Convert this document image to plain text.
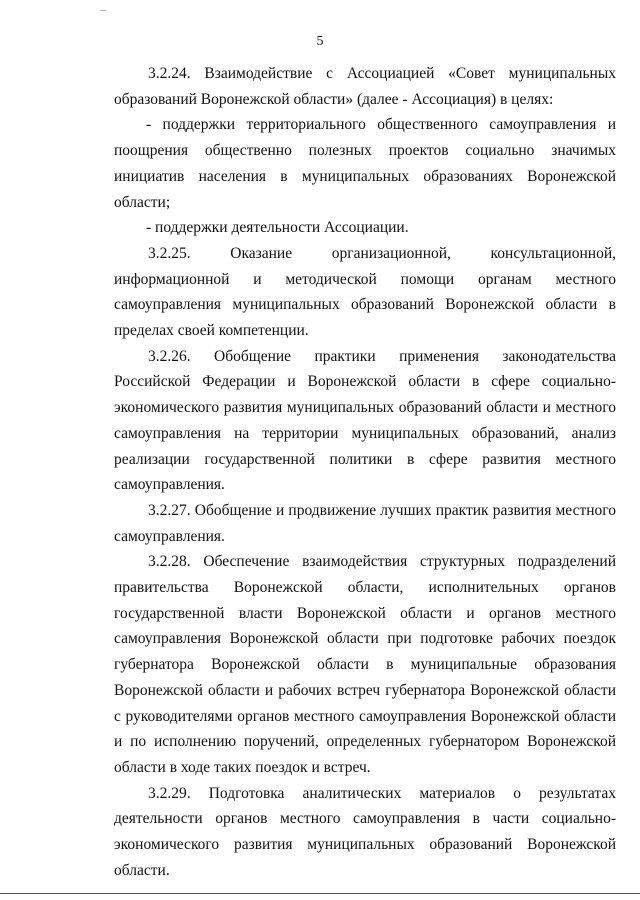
5

3.2.24. Взаимодействие с Ассоциацией «Совет муниципальных образований Воронежской области» (далее - Ассоциация) в целях:

- поддержки территориального общественного самоуправления и поощрения общественно полезных проектов социально значимых инициатив населения в муниципальных образованиях Воронежской области;

- поддержки деятельности Ассоциации.

3.2.25. Оказание организационной, консультационной, информационной и методической помощи органам местного самоуправления муниципальных образований Воронежской области в пределах своей компетенции.

3.2.26. Обобщение практики применения законодательства Российской Федерации и Воронежской области в сфере социально-экономического развития муниципальных образований области и местного самоуправления на территории муниципальных образований, анализ реализации государственной политики в сфере развития местного самоуправления.

3.2.27. Обобщение и продвижение лучших практик развития местного самоуправления.

3.2.28. Обеспечение взаимодействия структурных подразделений правительства Воронежской области, исполнительных органов государственной власти Воронежской области и органов местного самоуправления Воронежской области при подготовке рабочих поездок губернатора Воронежской области в муниципальные образования Воронежской области и рабочих встреч губернатора Воронежской области с руководителями органов местного самоуправления Воронежской области и по исполнению поручений, определенных губернатором Воронежской области в ходе таких поездок и встреч.

3.2.29. Подготовка аналитических материалов о результатах деятельности органов местного самоуправления в части социально-экономического развития муниципальных образований Воронежской области.
